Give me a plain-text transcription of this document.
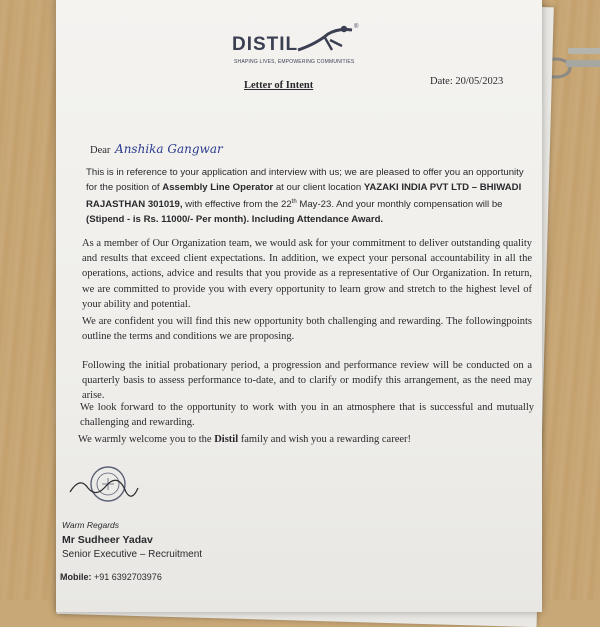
DISTIL
®
SHAPING LIVES, EMPOWERING COMMUNITIES
Letter of Intent	Date: 20/05/2023
Dear Anshika Gangwar
This is in reference to your application and interview with us; we are pleased to offer you an opportunity for the position of Assembly Line Operator at our client location YAZAKI INDIA PVT LTD – BHIWADI RAJASTHAN 301019, with effective from the 22th May-23. And your monthly compensation will be (Stipend - is Rs. 11000/- Per month). Including Attendance Award.
As a member of Our Organization team, we would ask for your commitment to deliver outstanding quality and results that exceed client expectations. In addition, we expect your personal accountability in all the operations, actions, advice and results that you provide as a representative of Our Organization. In return, we are committed to provide you with every opportunity to learn grow and stretch to the highest level of your ability and potential.
We are confident you will find this new opportunity both challenging and rewarding. The followingpoints outline the terms and conditions we are proposing.
Following the initial probationary period, a progression and performance review will be conducted on a quarterly basis to assess performance to-date, and to clarify or modify this arrangement, as the need may arise.
We look forward to the opportunity to work with you in an atmosphere that is successful and mutually challenging and rewarding.
We warmly welcome you to the Distil family and wish you a rewarding career!
Warm Regards
Mr Sudheer Yadav
Senior Executive – Recruitment
Mobile: +91 6392703976
